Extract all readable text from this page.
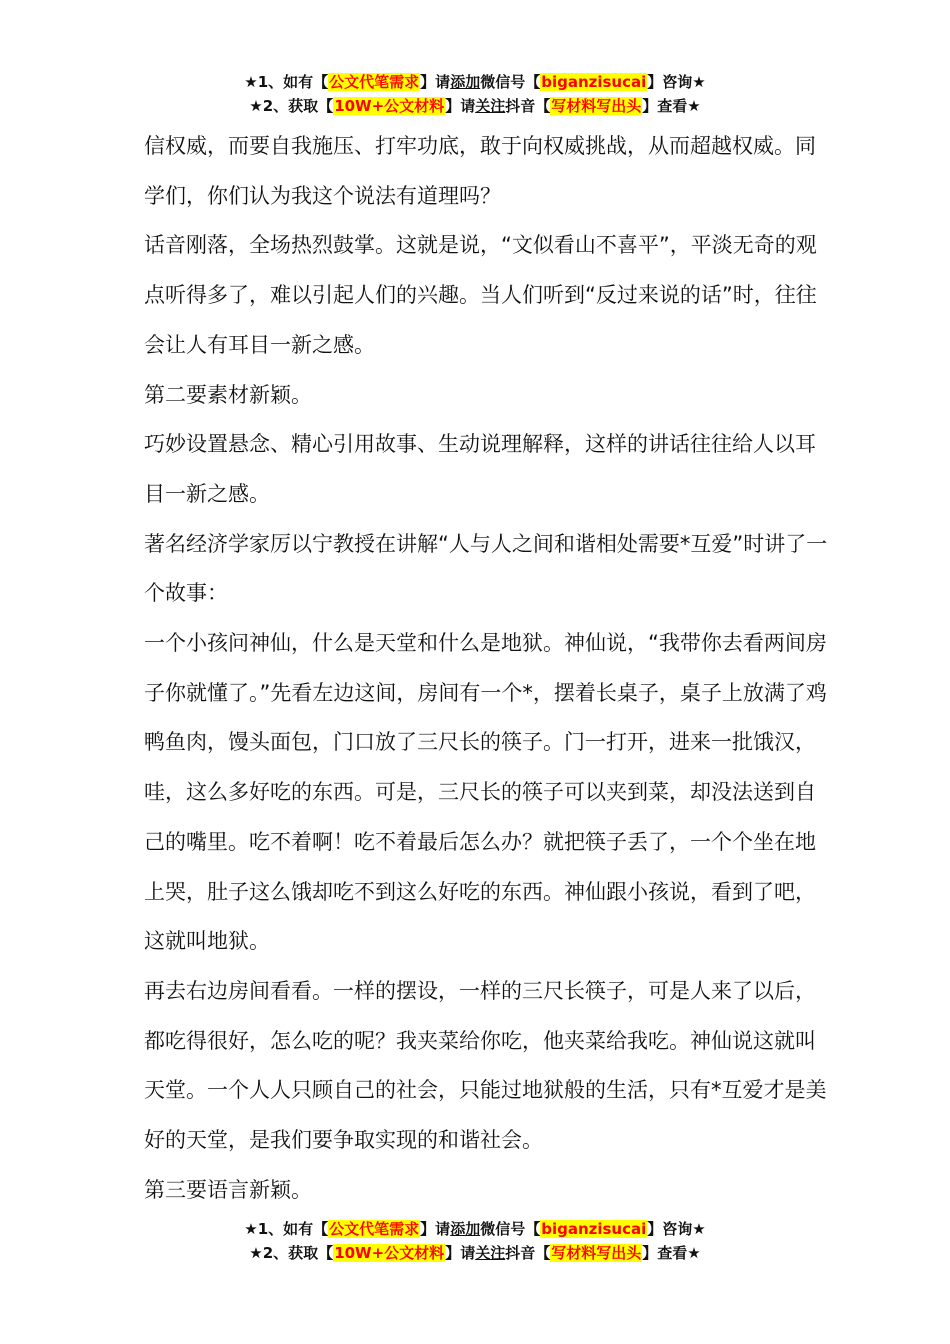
★1、如有【公文代笔需求】请添加微信号【biganzisucai】咨询★
★2、获取【10W+公文材料】请关注抖音【写材料写出头】查看★

信权威，而要自我施压、打牢功底，敢于向权威挑战，从而超越权威。同学们，你们认为我这个说法有道理吗？

话音刚落，全场热烈鼓掌。这就是说，“文似看山不喜平”，平淡无奇的观点听得多了，难以引起人们的兴趣。当人们听到“反过来说的话”时，往往会让人有耳目一新之感。

第二要素材新颖。

巧妙设置悬念、精心引用故事、生动说理解释，这样的讲话往往给人以耳目一新之感。

著名经济学家厉以宁教授在讲解“人与人之间和谐相处需要*互爱”时讲了一个故事：

一个小孩问神仙，什么是天堂和什么是地狱。神仙说，“我带你去看两间房子你就懂了。”先看左边这间，房间有一个*，摆着长桌子，桌子上放满了鸡鸭鱼肉，馒头面包，门口放了三尺长的筷子。门一打开，进来一批饿汉，哇，这么多好吃的东西。可是，三尺长的筷子可以夹到菜，却没法送到自己的嘴里。吃不着啊！吃不着最后怎么办？就把筷子丢了，一个个坐在地上哭，肚子这么饿却吃不到这么好吃的东西。神仙跟小孩说，看到了吧，这就叫地狱。

再去右边房间看看。一样的摆设，一样的三尺长筷子，可是人来了以后，都吃得很好，怎么吃的呢？我夹菜给你吃，他夹菜给我吃。神仙说这就叫天堂。一个人人只顾自己的社会，只能过地狱般的生活，只有*互爱才是美好的天堂，是我们要争取实现的和谐社会。

第三要语言新颖。

★1、如有【公文代笔需求】请添加微信号【biganzisucai】咨询★
★2、获取【10W+公文材料】请关注抖音【写材料写出头】查看★
